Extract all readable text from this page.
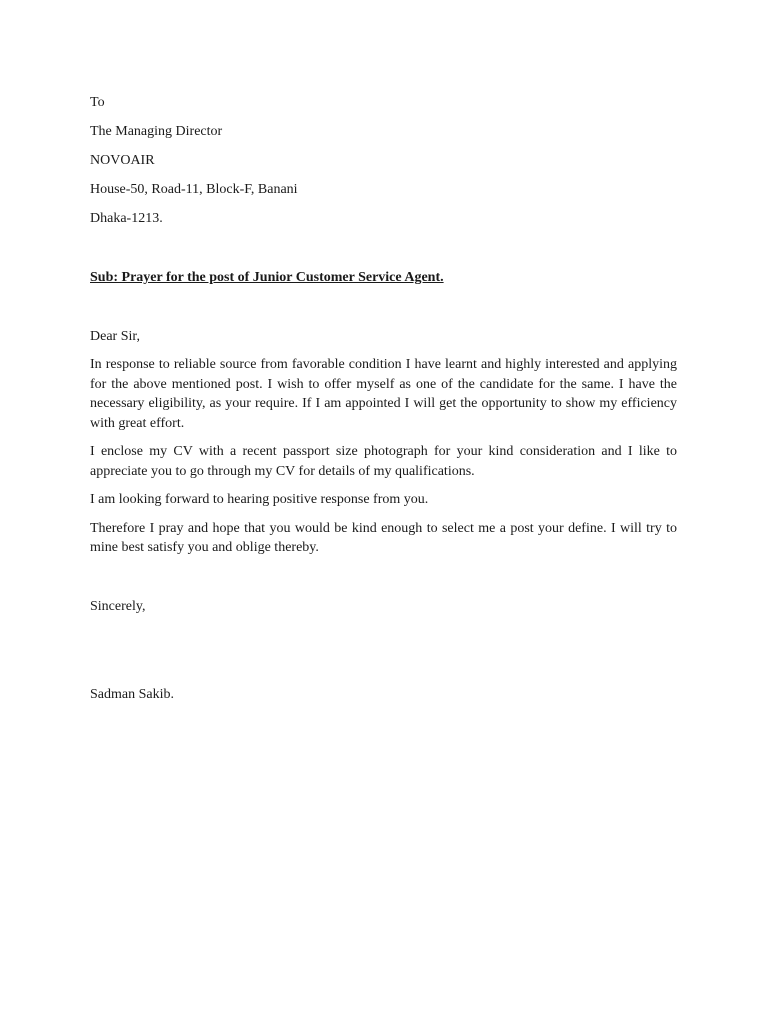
To
The Managing Director
NOVOAIR
House-50, Road-11, Block-F, Banani
Dhaka-1213.
Sub: Prayer for the post of Junior Customer Service Agent.
Dear Sir,
In response to reliable source from favorable condition I have learnt and highly interested and applying for the above mentioned post. I wish to offer myself as one of the candidate for the same. I have the necessary eligibility, as your require. If I am appointed I will get the opportunity to show my efficiency with great effort.
I enclose my CV with a recent passport size photograph for your kind consideration and I like to appreciate you to go through my CV for details of my qualifications.
I am looking forward to hearing positive response from you.
Therefore I pray and hope that you would be kind enough to select me a post your define. I will try to mine best satisfy you and oblige thereby.
Sincerely,
Sadman Sakib.
